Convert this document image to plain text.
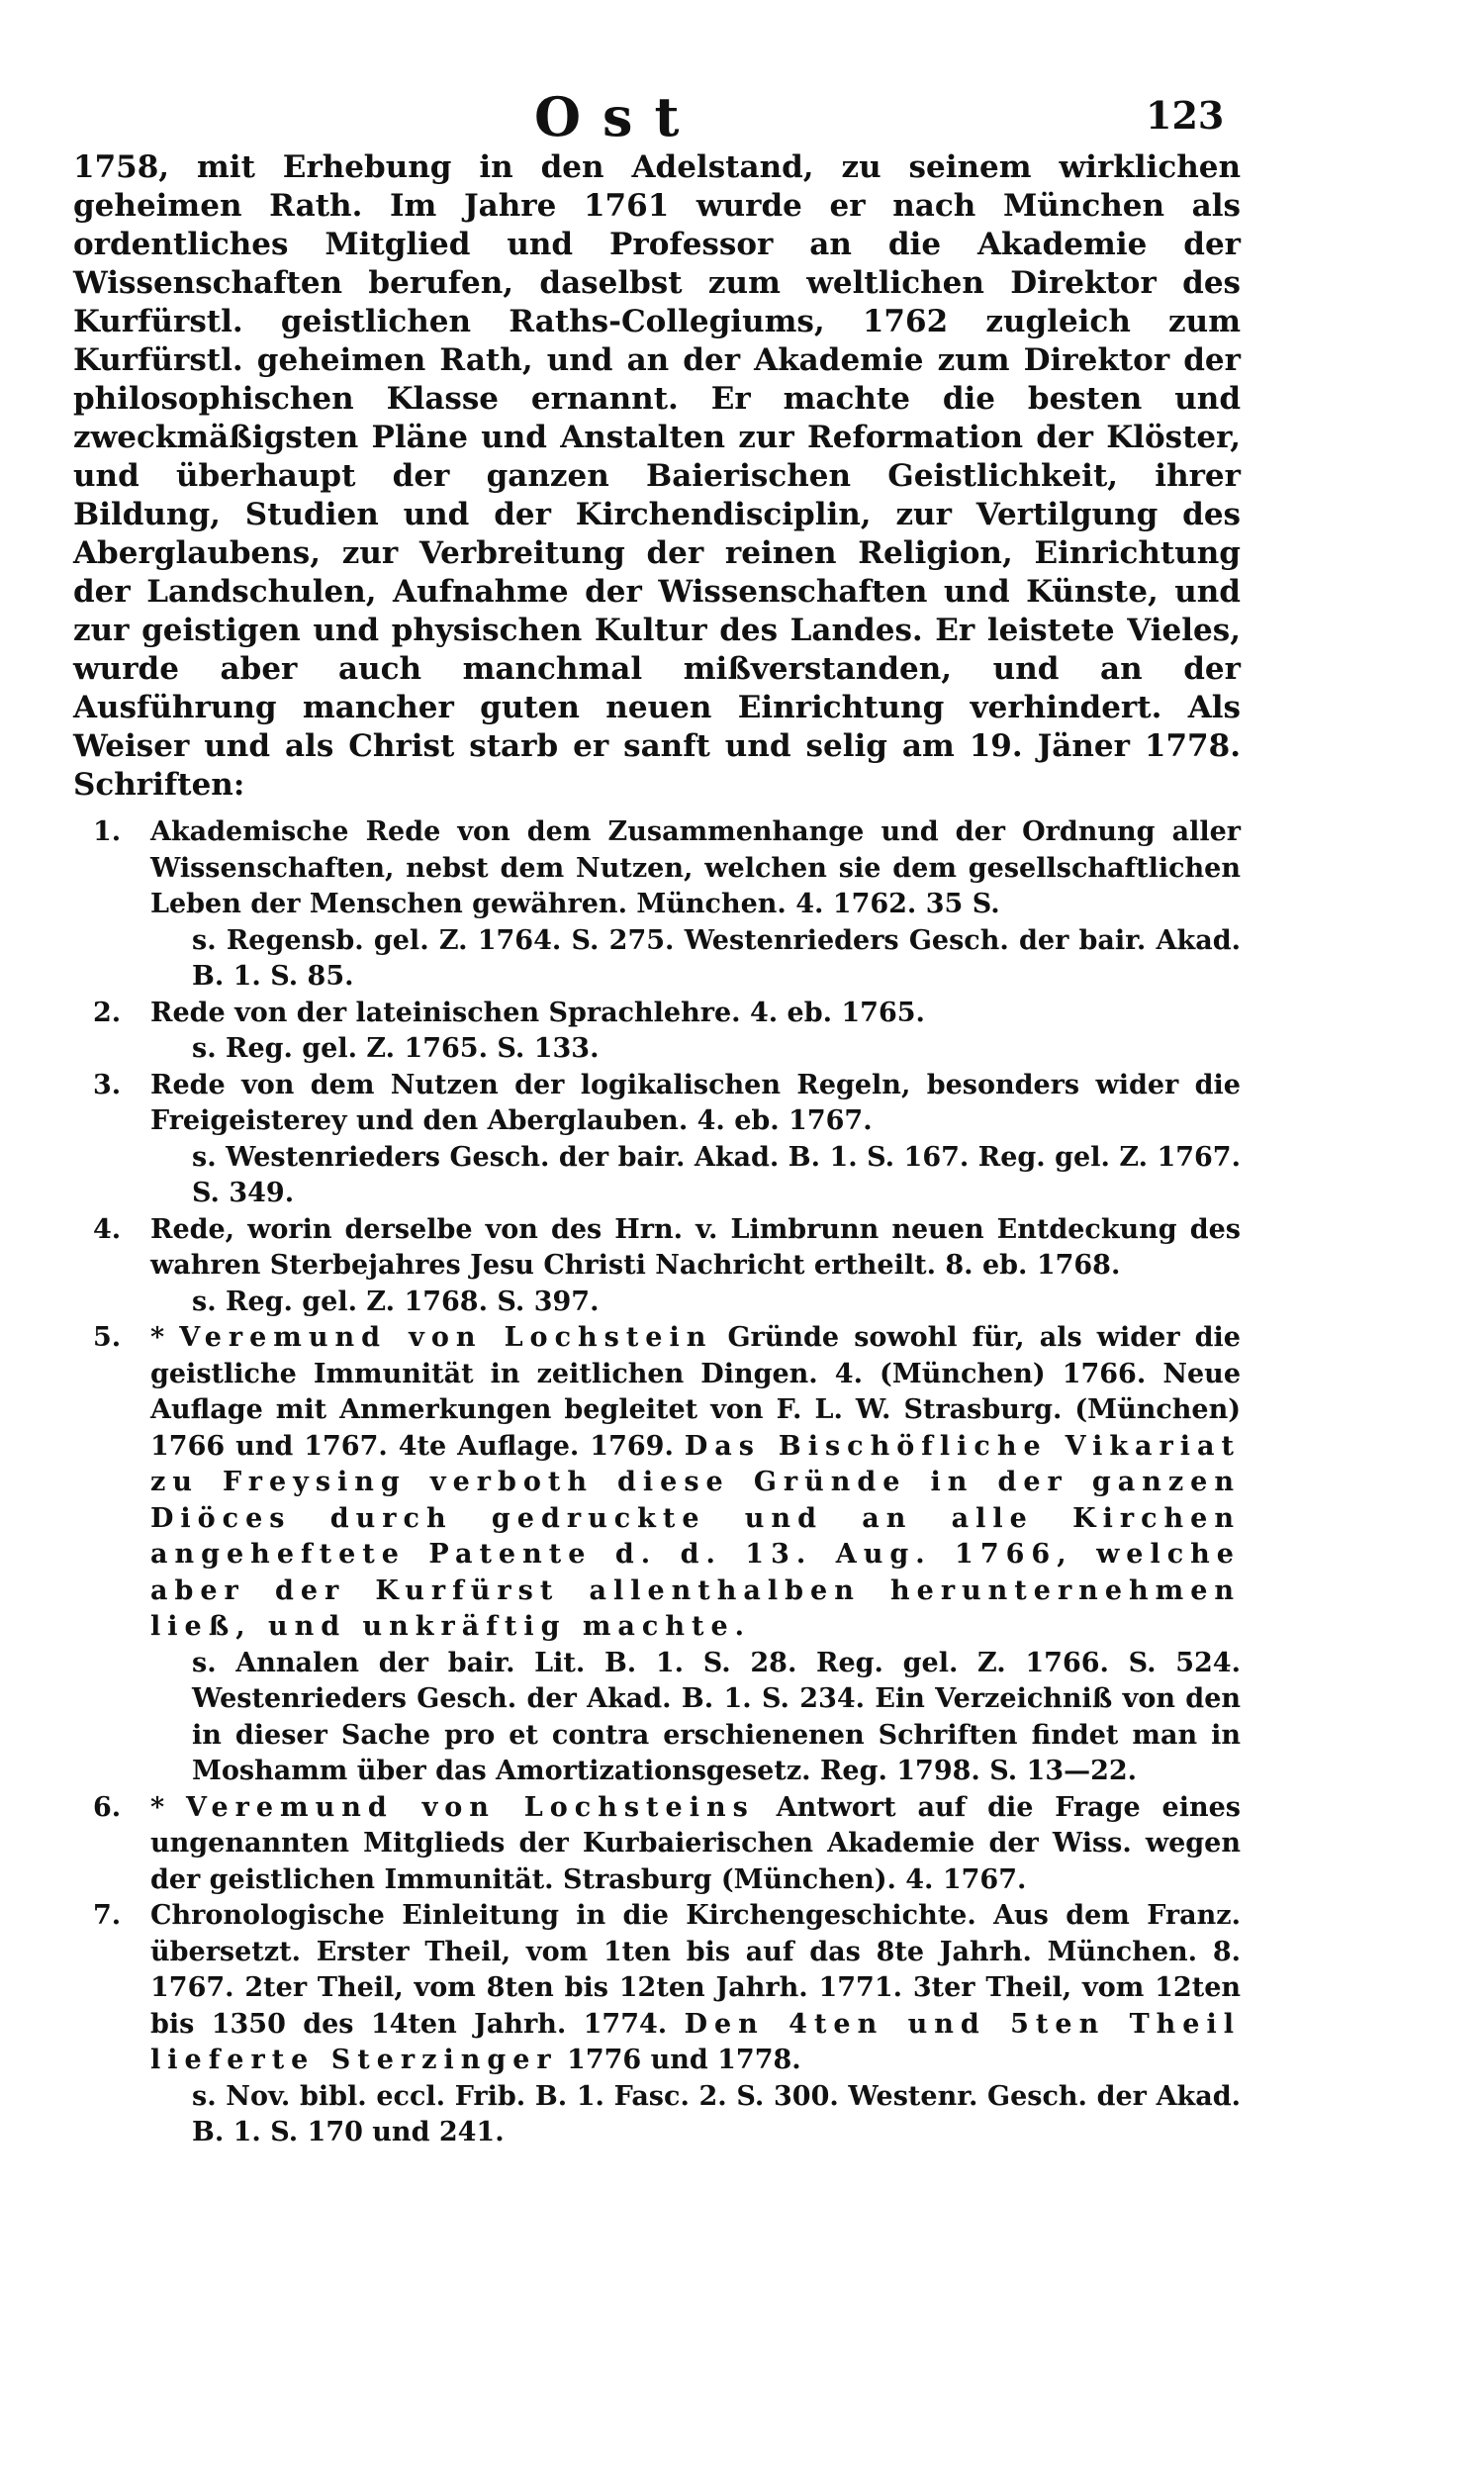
Ost	123

1758, mit Erhebung in den Adelstand, zu seinem wirklichen geheimen Rath. Im Jahre 1761 wurde er nach München als ordentliches Mitglied und Professor an die Akademie der Wissenschaften berufen, daselbst zum weltlichen Direktor des Kurfürstl. geistlichen Raths-Collegiums, 1762 zugleich zum Kurfürstl. geheimen Rath, und an der Akademie zum Direktor der philosophischen Klasse ernannt. Er machte die besten und zweckmäßigsten Pläne und Anstalten zur Reformation der Klöster, und überhaupt der ganzen Baierischen Geistlichkeit, ihrer Bildung, Studien und der Kirchendisciplin, zur Vertilgung des Aberglaubens, zur Verbreitung der reinen Religion, Einrichtung der Landschulen, Aufnahme der Wissenschaften und Künste, und zur geistigen und physischen Kultur des Landes. Er leistete Vieles, wurde aber auch manchmal mißverstanden, und an der Ausführung mancher guten neuen Einrichtung verhindert. Als Weiser und als Christ starb er sanft und selig am 19. Jäner 1778. Schriften:

1. Akademische Rede von dem Zusammenhange und der Ordnung aller Wissenschaften, nebst dem Nutzen, welchen sie dem gesellschaftlichen Leben der Menschen gewähren. München. 4. 1762. 35 S.
s. Regensb. gel. Z. 1764. S. 275. Westenrieders Gesch. der bair. Akad. B. 1. S. 85.
2. Rede von der lateinischen Sprachlehre. 4. eb. 1765.
s. Reg. gel. Z. 1765. S. 133.
3. Rede von dem Nutzen der logikalischen Regeln, besonders wider die Freigeisterey und den Aberglauben. 4. eb. 1767.
s. Westenrieders Gesch. der bair. Akad. B. 1. S. 167. Reg. gel. Z. 1767. S. 349.
4. Rede, worin derselbe von des Hrn. v. Limbrunn neuen Entdeckung des wahren Sterbejahres Jesu Christi Nachricht ertheilt. 8. eb. 1768.
s. Reg. gel. Z. 1768. S. 397.
5. * Veremund von Lochstein Gründe sowohl für, als wider die geistliche Immunität in zeitlichen Dingen. 4. (München) 1766. Neue Auflage mit Anmerkungen begleitet von F. L. W. Strasburg. (München) 1766 und 1767. 4te Auflage. 1769. Das Bischöfliche Vikariat zu Freysing verboth diese Gründe in der ganzen Diöces durch gedruckte und an alle Kirchen angeheftete Patente d. d. 13. Aug. 1766, welche aber der Kurfürst allenthalben herunternehmen ließ, und unkräftig machte.
s. Annalen der bair. Lit. B. 1. S. 28. Reg. gel. Z. 1766. S. 524. Westenrieders Gesch. der Akad. B. 1. S. 234. Ein Verzeichniß von den in dieser Sache pro et contra erschienenen Schriften findet man in Moshamm über das Amortizationsgesetz. Reg. 1798. S. 13—22.
6. * Veremund von Lochsteins Antwort auf die Frage eines ungenannten Mitglieds der Kurbaierischen Akademie der Wiss. wegen der geistlichen Immunität. Strasburg (München). 4. 1767.
7. Chronologische Einleitung in die Kirchengeschichte. Aus dem Franz. übersetzt. Erster Theil, vom 1ten bis auf das 8te Jahrh. München. 8. 1767. 2ter Theil, vom 8ten bis 12ten Jahrh. 1771. 3ter Theil, vom 12ten bis 1350 des 14ten Jahrh. 1774. Den 4ten und 5ten Theil lieferte Sterzinger 1776 und 1778.
s. Nov. bibl. eccl. Frib. B. 1. Fasc. 2. S. 300. Westenr. Gesch. der Akad. B. 1. S. 170 und 241.
